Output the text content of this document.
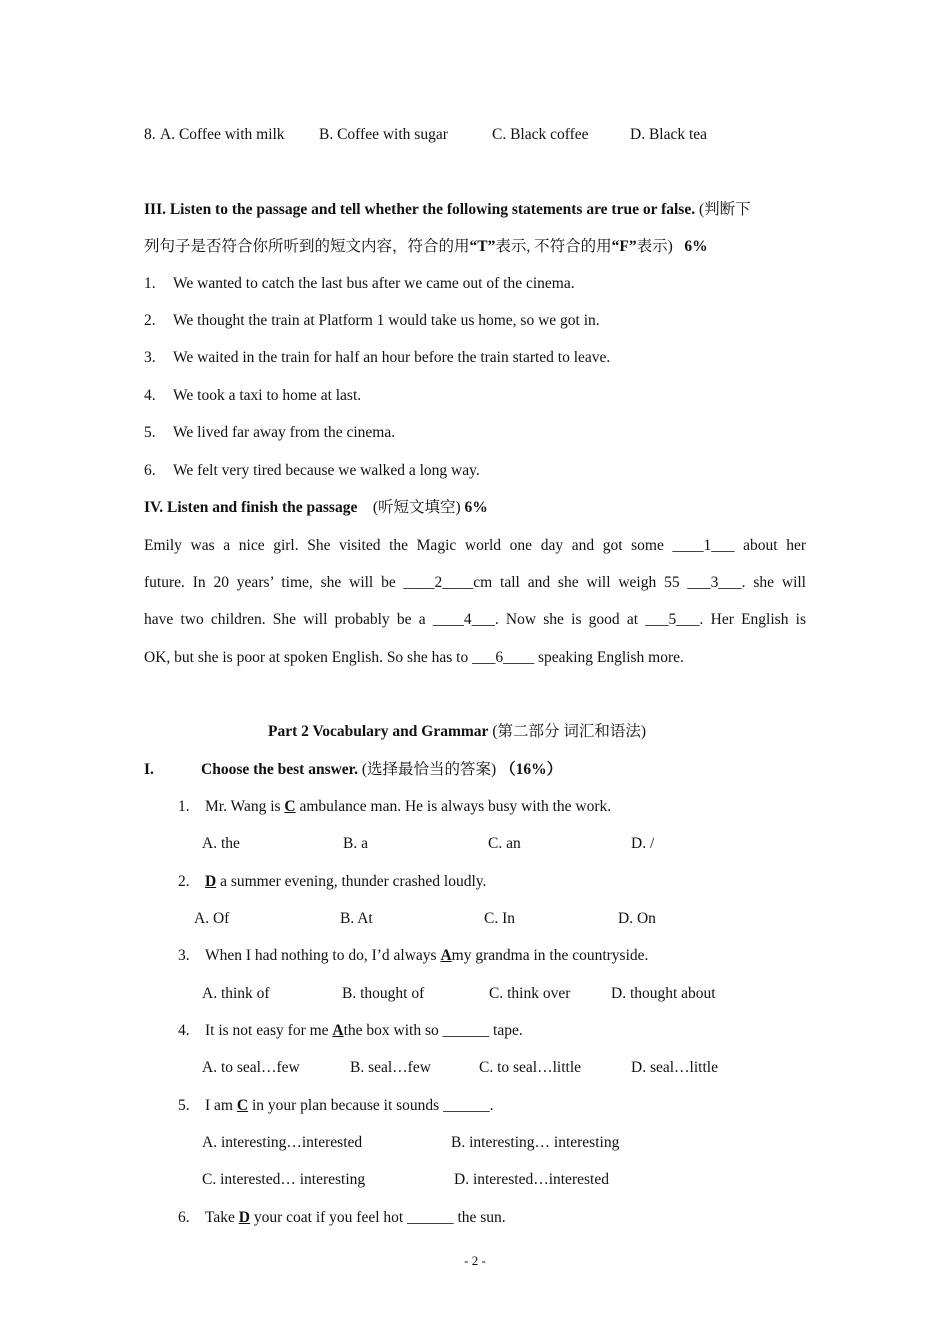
8. A. Coffee with milk B. Coffee with sugar	C. Black coffee	D. Black tea
III. Listen to the passage and tell whether the following statements are true or false. (判断下
列句子是否符合你所听到的短文内容，符合的用“T”表示, 不符合的用“F”表示) 6%
1. We wanted to catch the last bus after we came out of the cinema.
2. We thought the train at Platform 1 would take us home, so we got in.
3. We waited in the train for half an hour before the train started to leave.
4. We took a taxi to home at last.
5. We lived far away from the cinema.
6. We felt very tired because we walked a long way.
IV. Listen and finish the passage (听短文填空) 6%
Emily was a nice girl. She visited the Magic world one day and got some ____1___ about her
future. In 20 years’ time, she will be ____2____cm tall and she will weigh 55 ___3___. she will
have two children. She will probably be a ____4___. Now she is good at ___5___. Her English is
OK, but she is poor at spoken English. So she has to ___6____ speaking English more.
Part 2 Vocabulary and Grammar (第二部分 词汇和语法)
I.	Choose the best answer. (选择最恰当的答案) （16%）
1. Mr. Wang is C ambulance man. He is always busy with the work.
A. the	B. a	C. an	D. /
2. D a summer evening, thunder crashed loudly.
A. Of	B. At	C. In	D. On
3. When I had nothing to do, I’d always Amy grandma in the countryside.
A. think of	B. thought of	C. think over	D. thought about
4. It is not easy for me Athe box with so ______ tape.
A. to seal…few	B. seal…few	C. to seal…little	D. seal…little
5. I am C in your plan because it sounds ______.
A. interesting…interested	B. interesting… interesting
C. interested… interesting	D. interested…interested
6. Take D your coat if you feel hot ______ the sun.
- 2 -
